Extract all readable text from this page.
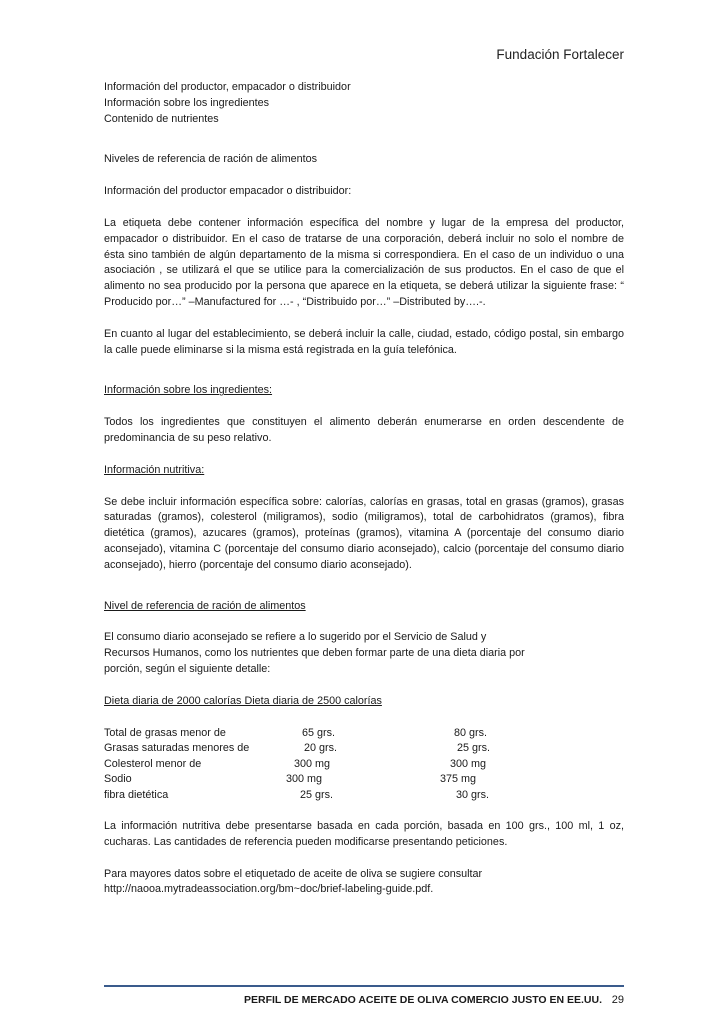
Fundación Fortalecer

Información del productor, empacador o distribuidor

Información sobre los ingredientes

Contenido de nutrientes

Niveles de referencia de ración de alimentos

Información del productor empacador o distribuidor:

La etiqueta debe contener información específica del nombre y lugar de la empresa del productor, empacador o distribuidor. En el caso de tratarse de una corporación, deberá incluir no solo el nombre de ésta sino también de algún departamento de la misma si correspondiera. En el caso de un individuo o una asociación , se utilizará el que se utilice para la comercialización de sus productos. En el caso de que el alimento no sea producido por la persona que aparece en la etiqueta, se deberá utilizar la siguiente frase: “ Producido por…” –Manufactured for …- , “Distribuido por…” –Distributed by….-.

En cuanto al lugar del establecimiento, se deberá incluir la calle, ciudad, estado, código postal, sin embargo la calle puede eliminarse si la misma está registrada en la guía telefónica.

Información sobre los ingredientes:

Todos los ingredientes que constituyen el alimento deberán enumerarse en orden descendente de predominancia de su peso relativo.

Información nutritiva:

Se debe incluir información específica sobre: calorías, calorías en grasas, total en grasas (gramos), grasas saturadas (gramos), colesterol (miligramos), sodio (miligramos), total de carbohidratos (gramos), fibra dietética (gramos), azucares (gramos), proteínas (gramos), vitamina A (porcentaje del consumo diario aconsejado), vitamina C (porcentaje del consumo diario aconsejado), calcio (porcentaje del consumo diario aconsejado), hierro (porcentaje del consumo diario aconsejado).

Nivel de referencia de ración de alimentos

El consumo diario aconsejado se refiere a lo sugerido por el Servicio de Salud y

Recursos Humanos, como los nutrientes que deben formar parte de una dieta diaria por

porción, según el siguiente detalle:

Dieta diaria de 2000 calorías Dieta diaria de 2500 calorías

Total de grasas menor de	65 grs.	80 grs.
Grasas saturadas menores de	20 grs.	25 grs.
Colesterol menor de	300 mg	300 mg
Sodio	300 mg	375 mg
fibra dietética	25 grs.	30 grs.

La información nutritiva debe presentarse basada en cada porción, basada en 100 grs., 100 ml, 1 oz, cucharas. Las cantidades de referencia pueden modificarse presentando peticiones.

Para mayores datos sobre el etiquetado de aceite de oliva se sugiere consultar

http://naooa.mytradeassociation.org/bm~doc/brief-labeling-guide.pdf.

PERFIL DE MERCADO ACEITE DE OLIVA COMERCIO JUSTO EN EE.UU. 29
